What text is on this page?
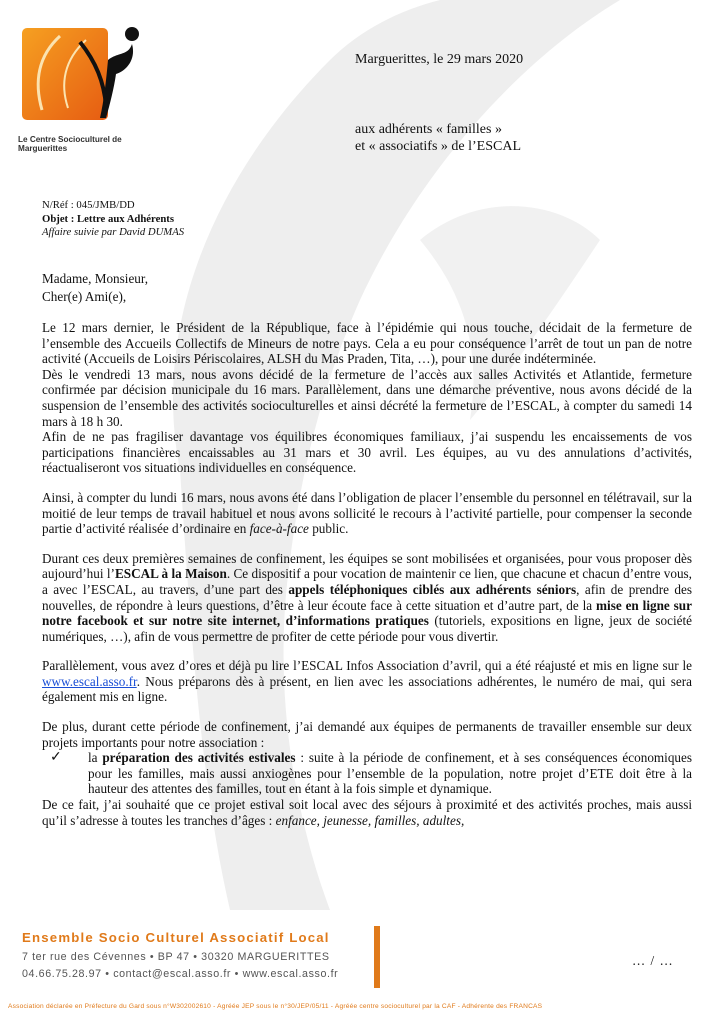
Le Centre Socioculturel de Marguerittes
Marguerittes, le 29 mars 2020
aux adhérents « familles »
et « associatifs » de l’ESCAL
N/Réf : 045/JMB/DD
Objet : Lettre aux Adhérents
Affaire suivie par David DUMAS

Madame, Monsieur,

Cher(e) Ami(e),

Le 12 mars dernier, le Président de la République, face à l’épidémie qui nous touche, décidait de la fermeture de l’ensemble des Accueils Collectifs de Mineurs de notre pays. Cela a eu pour conséquence l’arrêt de tout un pan de notre activité (Accueils de Loisirs Périscolaires, ALSH du Mas Praden, Tita, …), pour une durée indéterminée.

Dès le vendredi 13 mars, nous avons décidé de la fermeture de l’accès aux salles Activités et Atlantide, fermeture confirmée par décision municipale du 16 mars. Parallèlement, dans une démarche préventive, nous avons décidé de la suspension de l’ensemble des activités socioculturelles et ainsi décrété la fermeture de l’ESCAL, à compter du samedi 14 mars à 18 h 30.

Afin de ne pas fragiliser davantage vos équilibres économiques familiaux, j’ai suspendu les encaissements de vos participations financières encaissables au 31 mars et 30 avril. Les équipes, au vu des annulations d’activités, réactualiseront vos situations individuelles en conséquence.

Ainsi, à compter du lundi 16 mars, nous avons été dans l’obligation de placer l’ensemble du personnel en télétravail, sur la moitié de leur temps de travail habituel et nous avons sollicité le recours à l’activité partielle, pour compenser la seconde partie d’activité réalisée d’ordinaire en face-à-face public.

Durant ces deux premières semaines de confinement, les équipes se sont mobilisées et organisées, pour vous proposer dès aujourd’hui l’ESCAL à la Maison. Ce dispositif a pour vocation de maintenir ce lien, que chacune et chacun d’entre vous, a avec l’ESCAL, au travers, d’une part des appels téléphoniques ciblés aux adhérents séniors, afin de prendre des nouvelles, de répondre à leurs questions, d’être à leur écoute face à cette situation et d’autre part, de la mise en ligne sur notre facebook et sur notre site internet, d’informations pratiques (tutoriels, expositions en ligne, jeux de société numériques, …), afin de vous permettre de profiter de cette période pour vous divertir.

Parallèlement, vous avez d’ores et déjà pu lire l’ESCAL Infos Association d’avril, qui a été réajusté et mis en ligne sur le www.escal.asso.fr. Nous préparons dès à présent, en lien avec les associations adhérentes, le numéro de mai, qui sera également mis en ligne.

De plus, durant cette période de confinement, j’ai demandé aux équipes de permanents de travailler ensemble sur deux projets importants pour notre association :

✓	la préparation des activités estivales : suite à la période de confinement, et à ses conséquences économiques pour les familles, mais aussi anxiogènes pour l’ensemble de la population, notre projet d’ETE doit être à la hauteur des attentes des familles, tout en étant à la fois simple et dynamique.

De ce fait, j’ai souhaité que ce projet estival soit local avec des séjours à proximité et des activités proches, mais aussi qu’il s’adresse à toutes les tranches d’âges : enfance, jeunesse, familles, adultes,

Ensemble Socio Culturel Associatif Local
7 ter rue des Cévennes • BP 47 • 30320 MARGUERITTES
04.66.75.28.97 • contact@escal.asso.fr • www.escal.asso.fr
… / …
Association déclarée en Préfecture du Gard sous n°W302002610 - Agréée JEP sous le n°30/JEP/05/11 - Agréée centre socioculturel par la CAF - Adhérente des FRANCAS
